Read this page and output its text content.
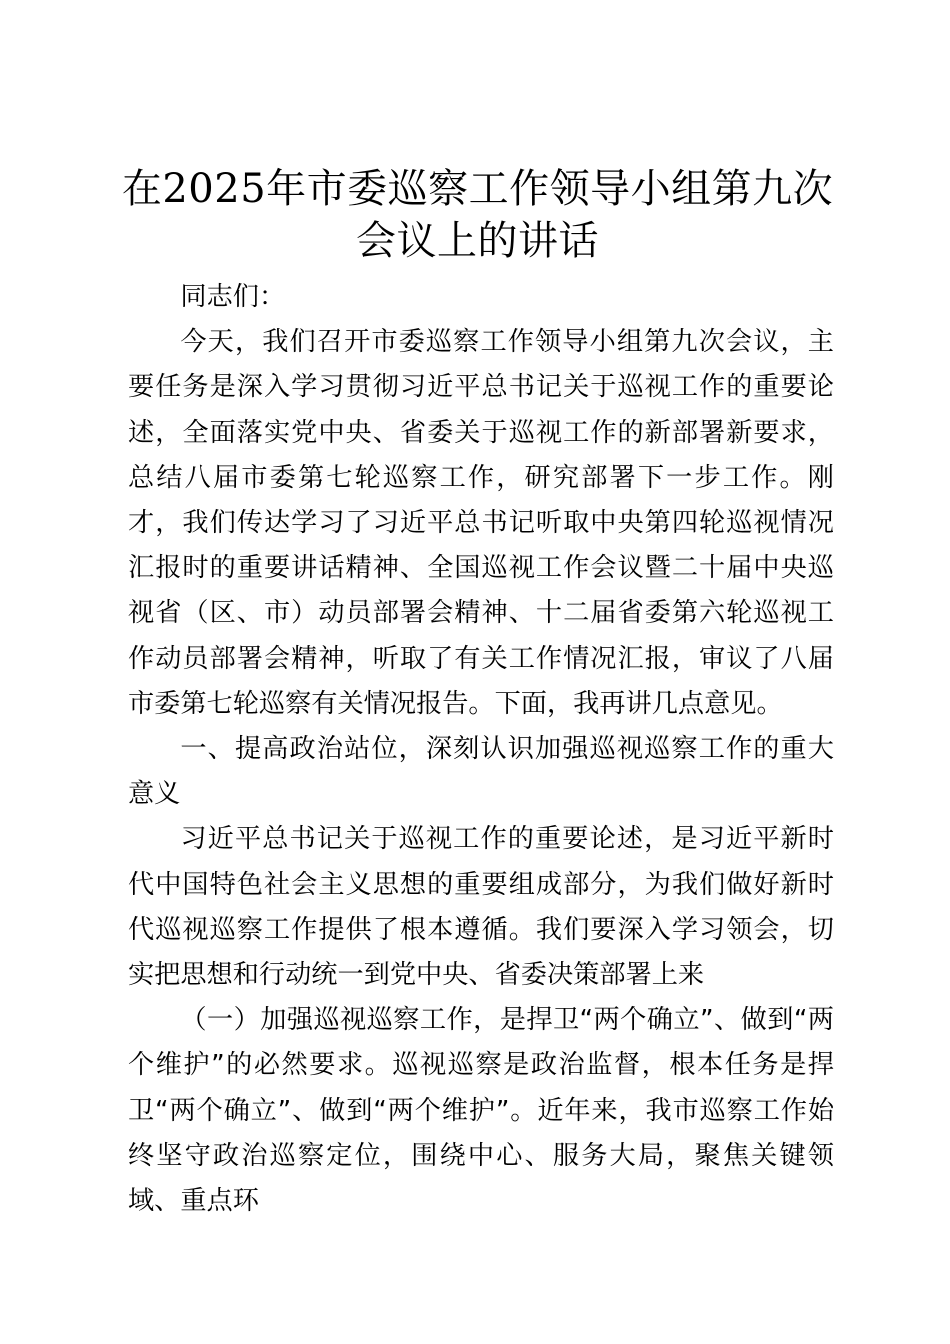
在2025年市委巡察工作领导小组第九次会议上的讲话

同志们：

今天，我们召开市委巡察工作领导小组第九次会议，主要任务是深入学习贯彻习近平总书记关于巡视工作的重要论述，全面落实党中央、省委关于巡视工作的新部署新要求，总结八届市委第七轮巡察工作，研究部署下一步工作。刚才，我们传达学习了习近平总书记听取中央第四轮巡视情况汇报时的重要讲话精神、全国巡视工作会议暨二十届中央巡视省（区、市）动员部署会精神、十二届省委第六轮巡视工作动员部署会精神，听取了有关工作情况汇报，审议了八届市委第七轮巡察有关情况报告。下面，我再讲几点意见。

一、提高政治站位，深刻认识加强巡视巡察工作的重大意义

习近平总书记关于巡视工作的重要论述，是习近平新时代中国特色社会主义思想的重要组成部分，为我们做好新时代巡视巡察工作提供了根本遵循。我们要深入学习领会，切实把思想和行动统一到党中央、省委决策部署上来

（一）加强巡视巡察工作，是捍卫“两个确立”、做到“两个维护”的必然要求。巡视巡察是政治监督，根本任务是捍卫“两个确立”、做到“两个维护”。近年来，我市巡察工作始终坚守政治巡察定位，围绕中心、服务大局，聚焦关键领域、重点环
